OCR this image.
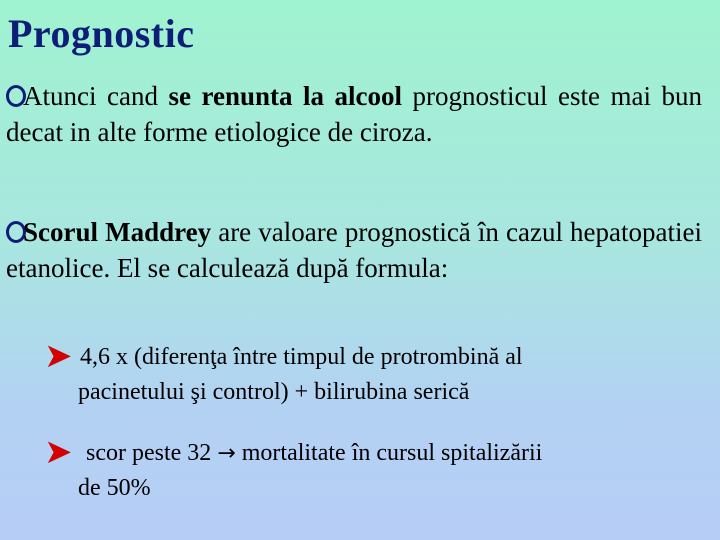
Prognostic
Atunci cand se renunta la alcool prognosticul este mai bun decat in alte forme etiologice de ciroza.
Scorul Maddrey are valoare prognostică în cazul hepatopatiei etanolice. El se calculează după formula:
➤ 4,6 x (diferenţa între timpul de protrombină al
pacinetului şi control) + bilirubina serică
➤ scor peste 32 → mortalitate în cursul spitalizării
de 50%
